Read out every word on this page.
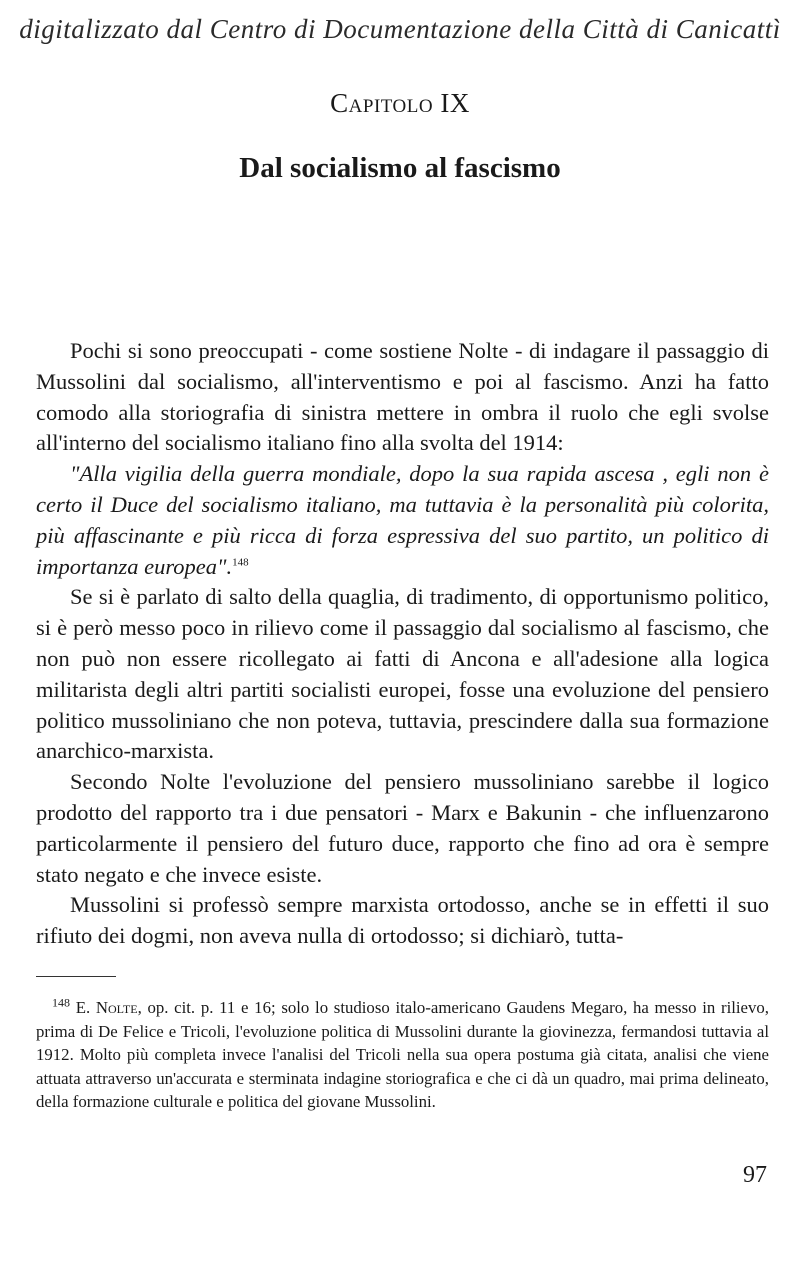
digitalizzato dal Centro di Documentazione della Città di Canicattì
Capitolo IX
Dal socialismo al fascismo

Pochi si sono preoccupati - come sostiene Nolte - di indagare il passaggio di Mussolini dal socialismo, all'interventismo e poi al fascismo. Anzi ha fatto comodo alla storiografia di sinistra mettere in ombra il ruolo che egli svolse all'interno del socialismo italiano fino alla svolta del 1914:

"Alla vigilia della guerra mondiale, dopo la sua rapida ascesa , egli non è certo il Duce del socialismo italiano, ma tuttavia è la personalità più colorita, più affascinante e più ricca di forza espressiva del suo partito, un politico di importanza europea".$^{148}$

Se si è parlato di salto della quaglia, di tradimento, di opportunismo politico, si è però messo poco in rilievo come il passaggio dal socialismo al fascismo, che non può non essere ricollegato ai fatti di Ancona e all'adesione alla logica militarista degli altri partiti socialisti europei, fosse una evoluzione del pensiero politico mussoliniano che non poteva, tuttavia, prescindere dalla sua formazione anarchico-marxista.

Secondo Nolte l'evoluzione del pensiero mussoliniano sarebbe il logico prodotto del rapporto tra i due pensatori - Marx e Bakunin - che influenzarono particolarmente il pensiero del futuro duce, rapporto che fino ad ora è sempre stato negato e che invece esiste.

Mussolini si professò sempre marxista ortodosso, anche se in effetti il suo rifiuto dei dogmi, non aveva nulla di ortodosso; si dichiarò, tutta-

$^{148}$ E. Nolte, op. cit. p. 11 e 16; solo lo studioso italo-americano Gaudens Megaro, ha messo in rilievo, prima di De Felice e Tricoli, l'evoluzione politica di Mussolini durante la giovinezza, fermandosi tuttavia al 1912. Molto più completa invece l'analisi del Tricoli nella sua opera postuma già citata, analisi che viene attuata attraverso un'accurata e sterminata indagine storiografica e che ci dà un quadro, mai prima delineato, della formazione culturale e politica del giovane Mussolini.

97
